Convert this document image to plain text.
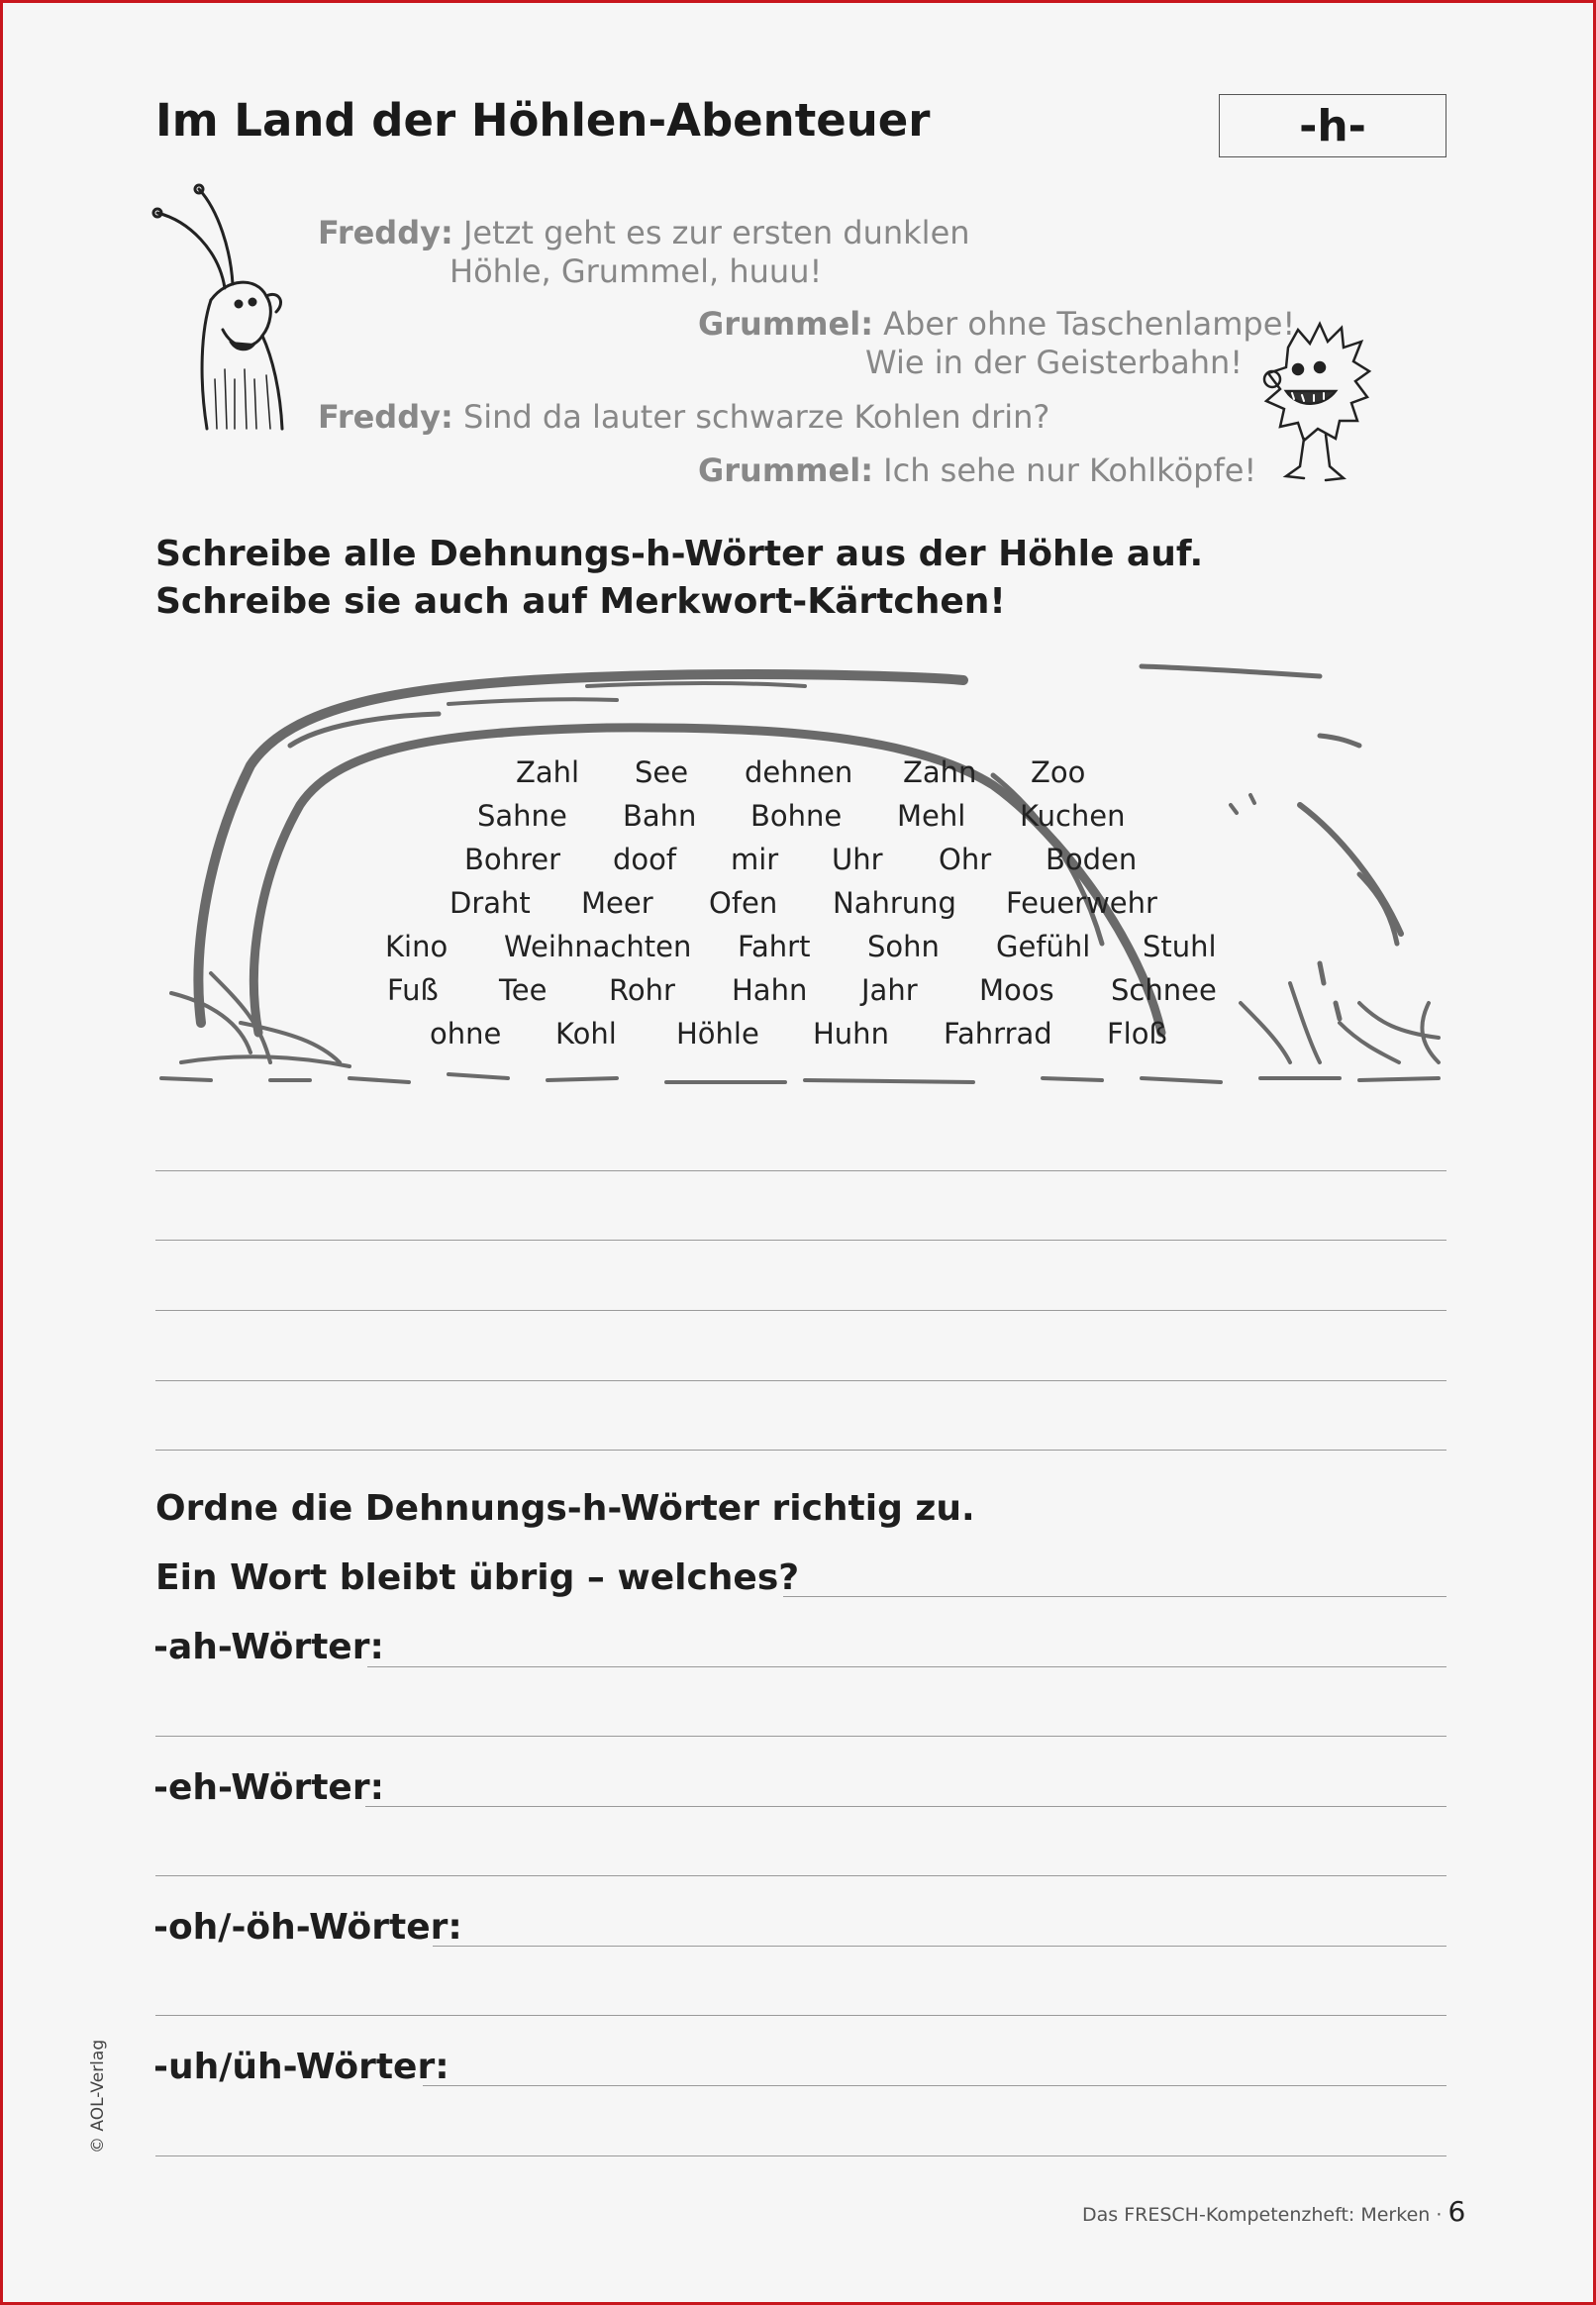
Im Land der Höhlen-Abenteuer	-h-
Freddy: Jetzt geht es zur ersten dunklen
Höhle, Grummel, huuu!
Grummel: Aber ohne Taschenlampe!
Wie in der Geisterbahn!
Freddy: Sind da lauter schwarze Kohlen drin?
Grummel: Ich sehe nur Kohlköpfe!
Schreibe alle Dehnungs-h-Wörter aus der Höhle auf.
Schreibe sie auch auf Merkwort-Kärtchen!
Zahl See dehnen Zahn Zoo
Sahne Bahn Bohne Mehl Kuchen
Bohrer doof mir Uhr Ohr Boden
Draht Meer Ofen Nahrung Feuerwehr
Kino Weihnachten Fahrt Sohn Gefühl Stuhl
Fuß Tee Rohr Hahn Jahr Moos Schnee
ohne Kohl Höhle Huhn Fahrrad Floß
Ordne die Dehnungs-h-Wörter richtig zu.
Ein Wort bleibt übrig – welches?
-ah-Wörter:
-eh-Wörter:
-oh/-öh-Wörter:
-uh/üh-Wörter:
© AOL-Verlag
Das FRESCH-Kompetenzheft: Merken · 6
